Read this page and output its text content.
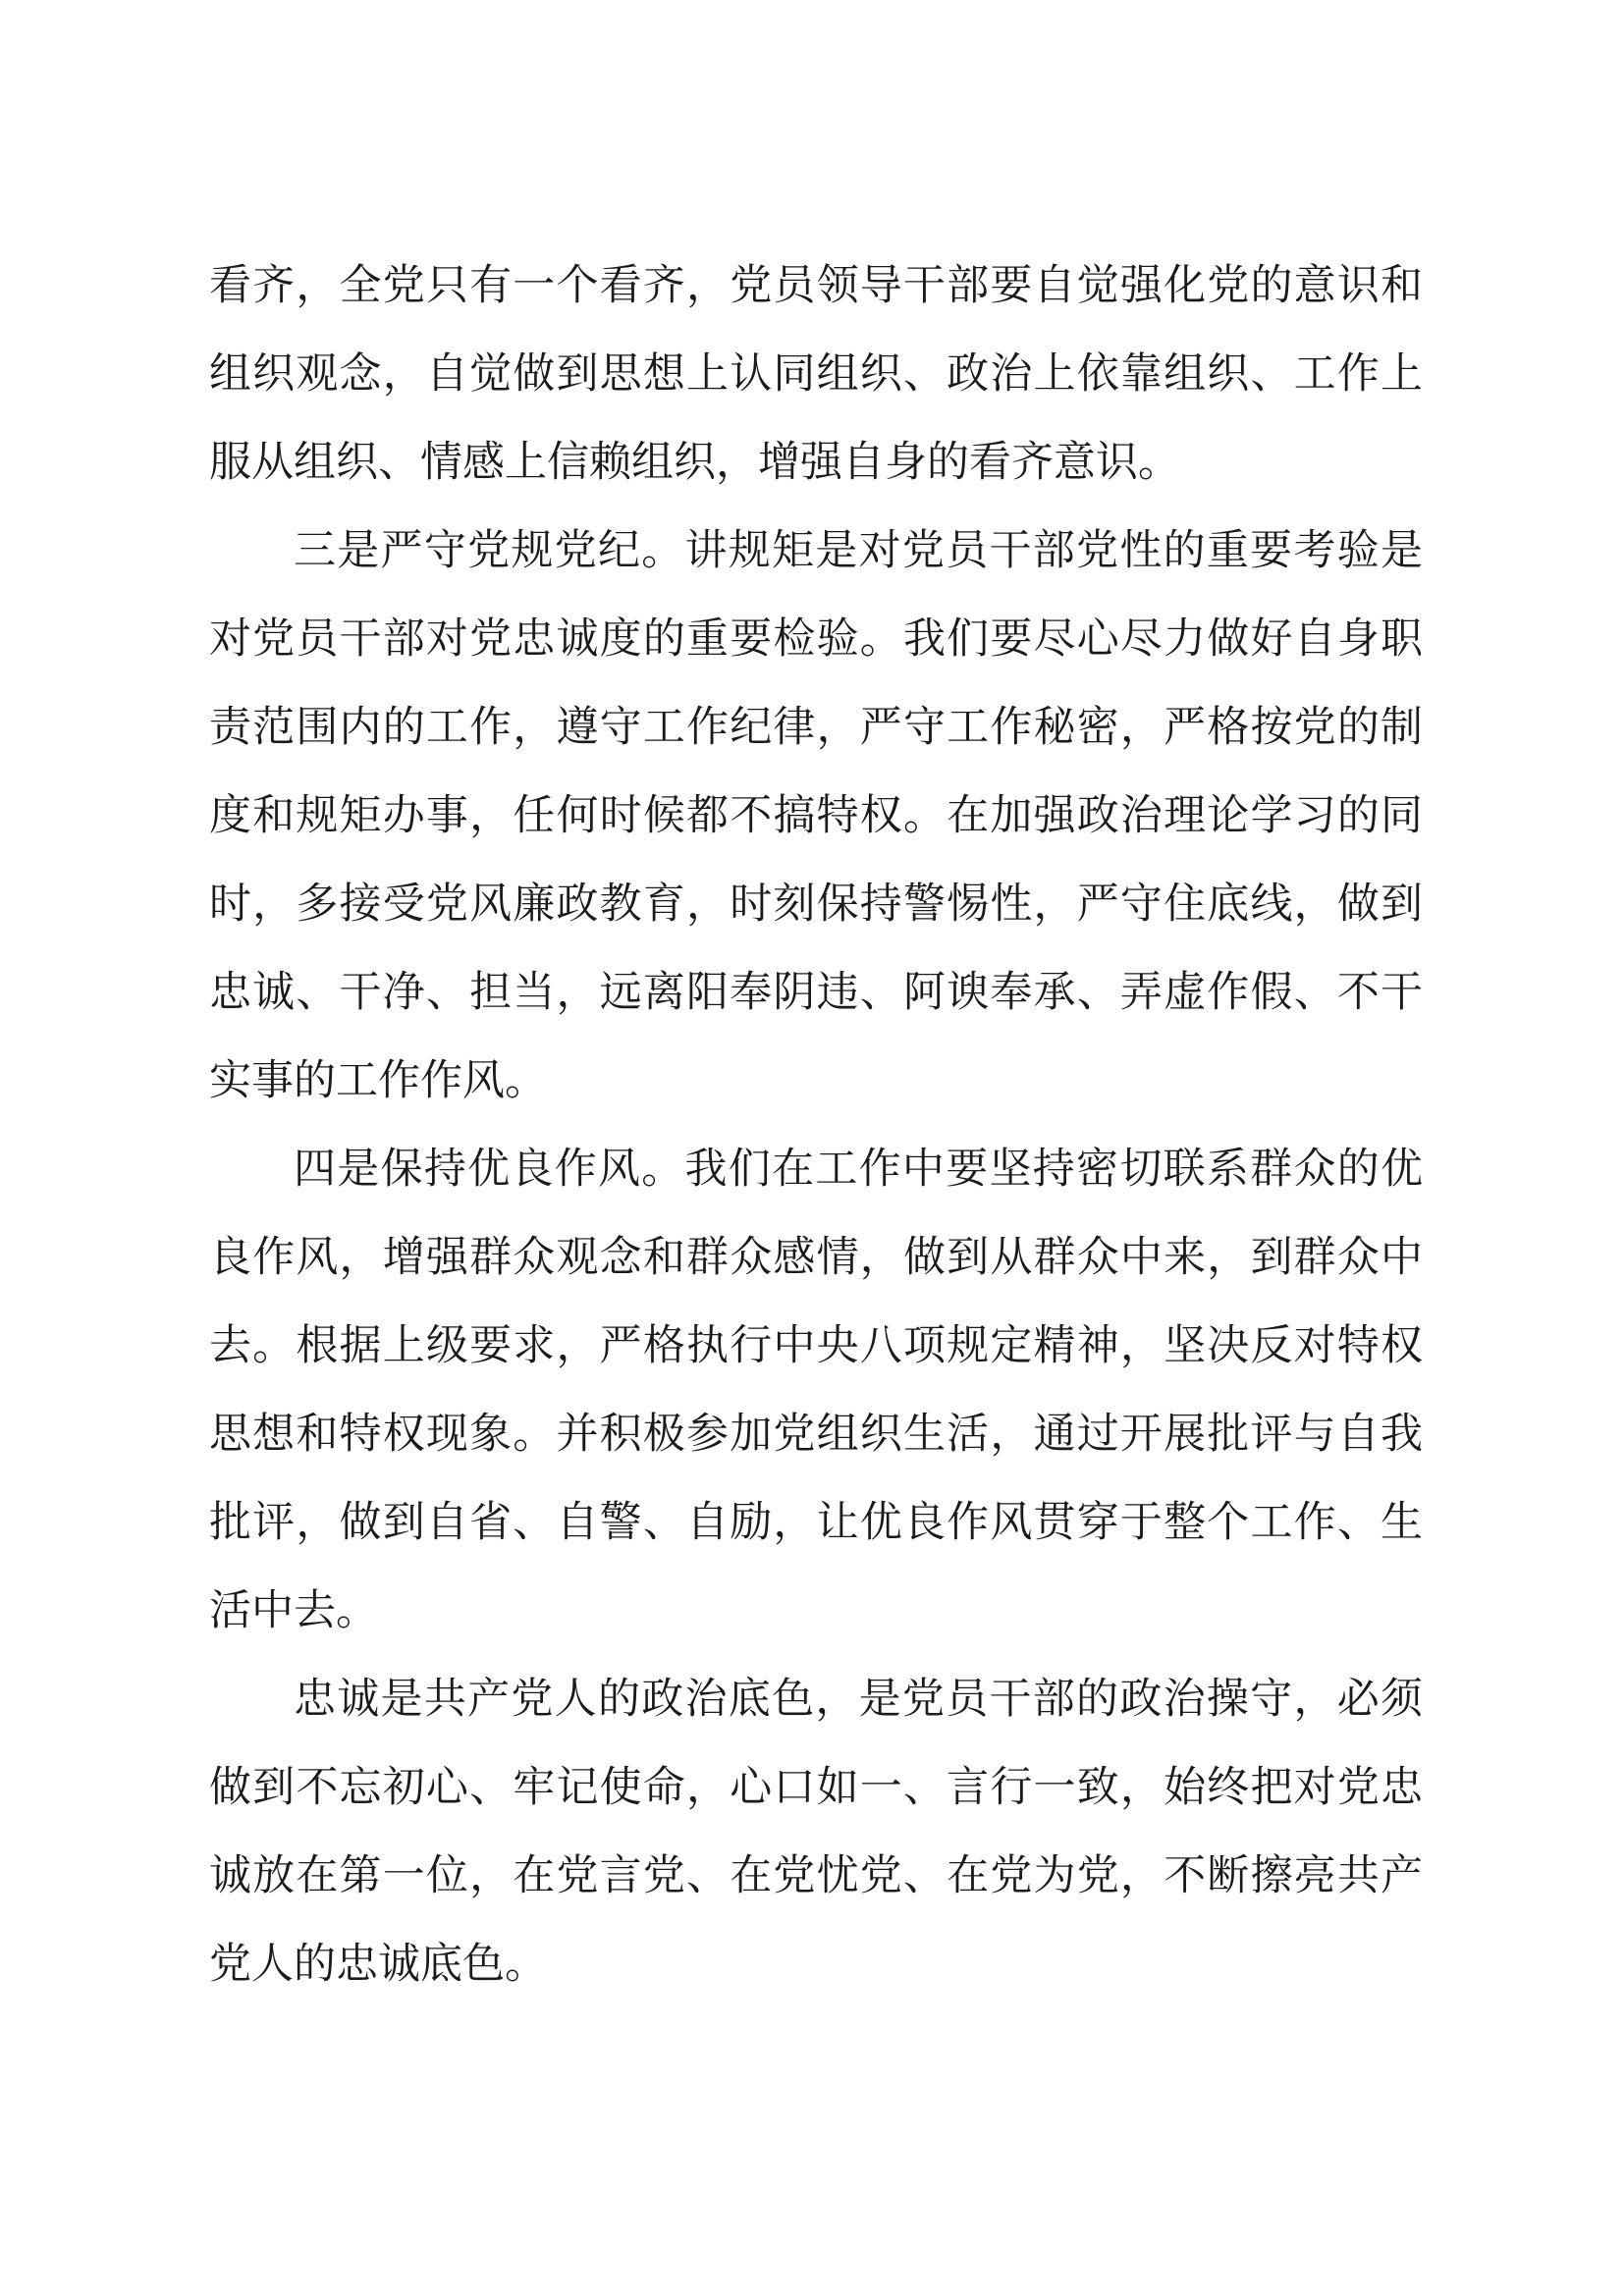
看齐，全党只有一个看齐，党员领导干部要自觉强化党的意识和组织观念，自觉做到思想上认同组织、政治上依靠组织、工作上服从组织、情感上信赖组织，增强自身的看齐意识。

三是严守党规党纪。讲规矩是对党员干部党性的重要考验是对党员干部对党忠诚度的重要检验。我们要尽心尽力做好自身职责范围内的工作，遵守工作纪律，严守工作秘密，严格按党的制度和规矩办事，任何时候都不搞特权。在加强政治理论学习的同时，多接受党风廉政教育，时刻保持警惕性，严守住底线，做到忠诚、干净、担当，远离阳奉阴违、阿谀奉承、弄虚作假、不干实事的工作作风。

四是保持优良作风。我们在工作中要坚持密切联系群众的优良作风，增强群众观念和群众感情，做到从群众中来，到群众中去。根据上级要求，严格执行中央八项规定精神，坚决反对特权思想和特权现象。并积极参加党组织生活，通过开展批评与自我批评，做到自省、自警、自励，让优良作风贯穿于整个工作、生活中去。

忠诚是共产党人的政治底色，是党员干部的政治操守，必须做到不忘初心、牢记使命，心口如一、言行一致，始终把对党忠诚放在第一位，在党言党、在党忧党、在党为党，不断擦亮共产党人的忠诚底色。
